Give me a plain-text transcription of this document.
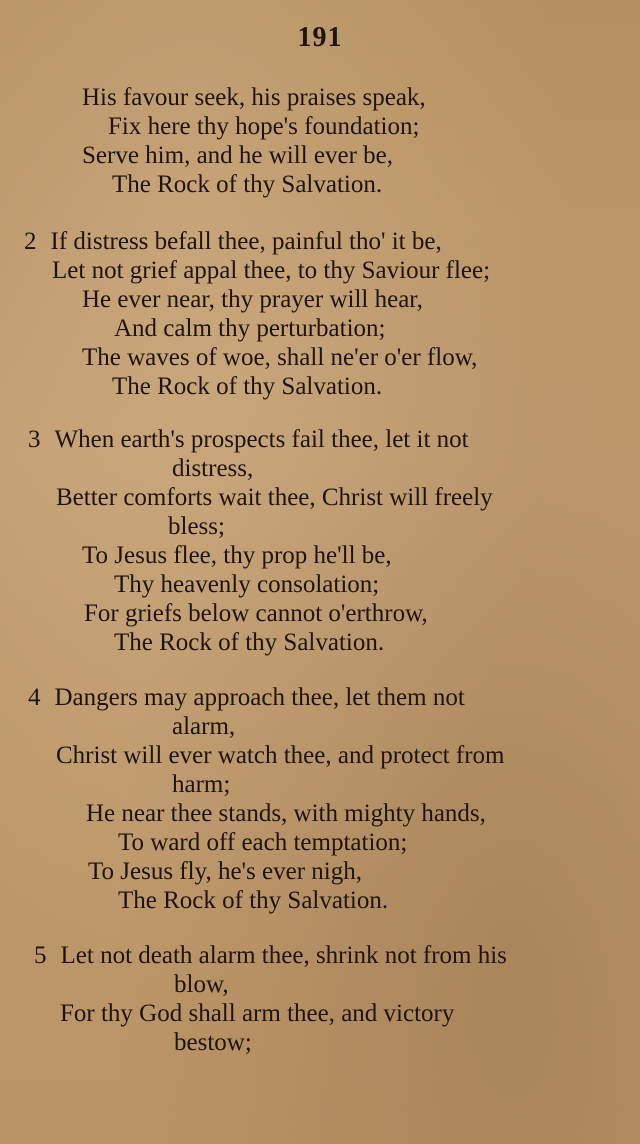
191
His favour seek, his praises speak,
Fix here thy hope's foundation;
Serve him, and he will ever be,
The Rock of thy Salvation.
2 If distress befall thee, painful tho' it be,
Let not grief appal thee, to thy Saviour flee;
He ever near, thy prayer will hear,
And calm thy perturbation;
The waves of woe, shall ne'er o'er flow,
The Rock of thy Salvation.
3 When earth's prospects fail thee, let it not
distress,
Better comforts wait thee, Christ will freely
bless;
To Jesus flee, thy prop he'll be,
Thy heavenly consolation;
For griefs below cannot o'erthrow,
The Rock of thy Salvation.
4 Dangers may approach thee, let them not
alarm,
Christ will ever watch thee, and protect from
harm;
He near thee stands, with mighty hands,
To ward off each temptation;
To Jesus fly, he's ever nigh,
The Rock of thy Salvation.
5 Let not death alarm thee, shrink not from his
blow,
For thy God shall arm thee, and victory
bestow;
